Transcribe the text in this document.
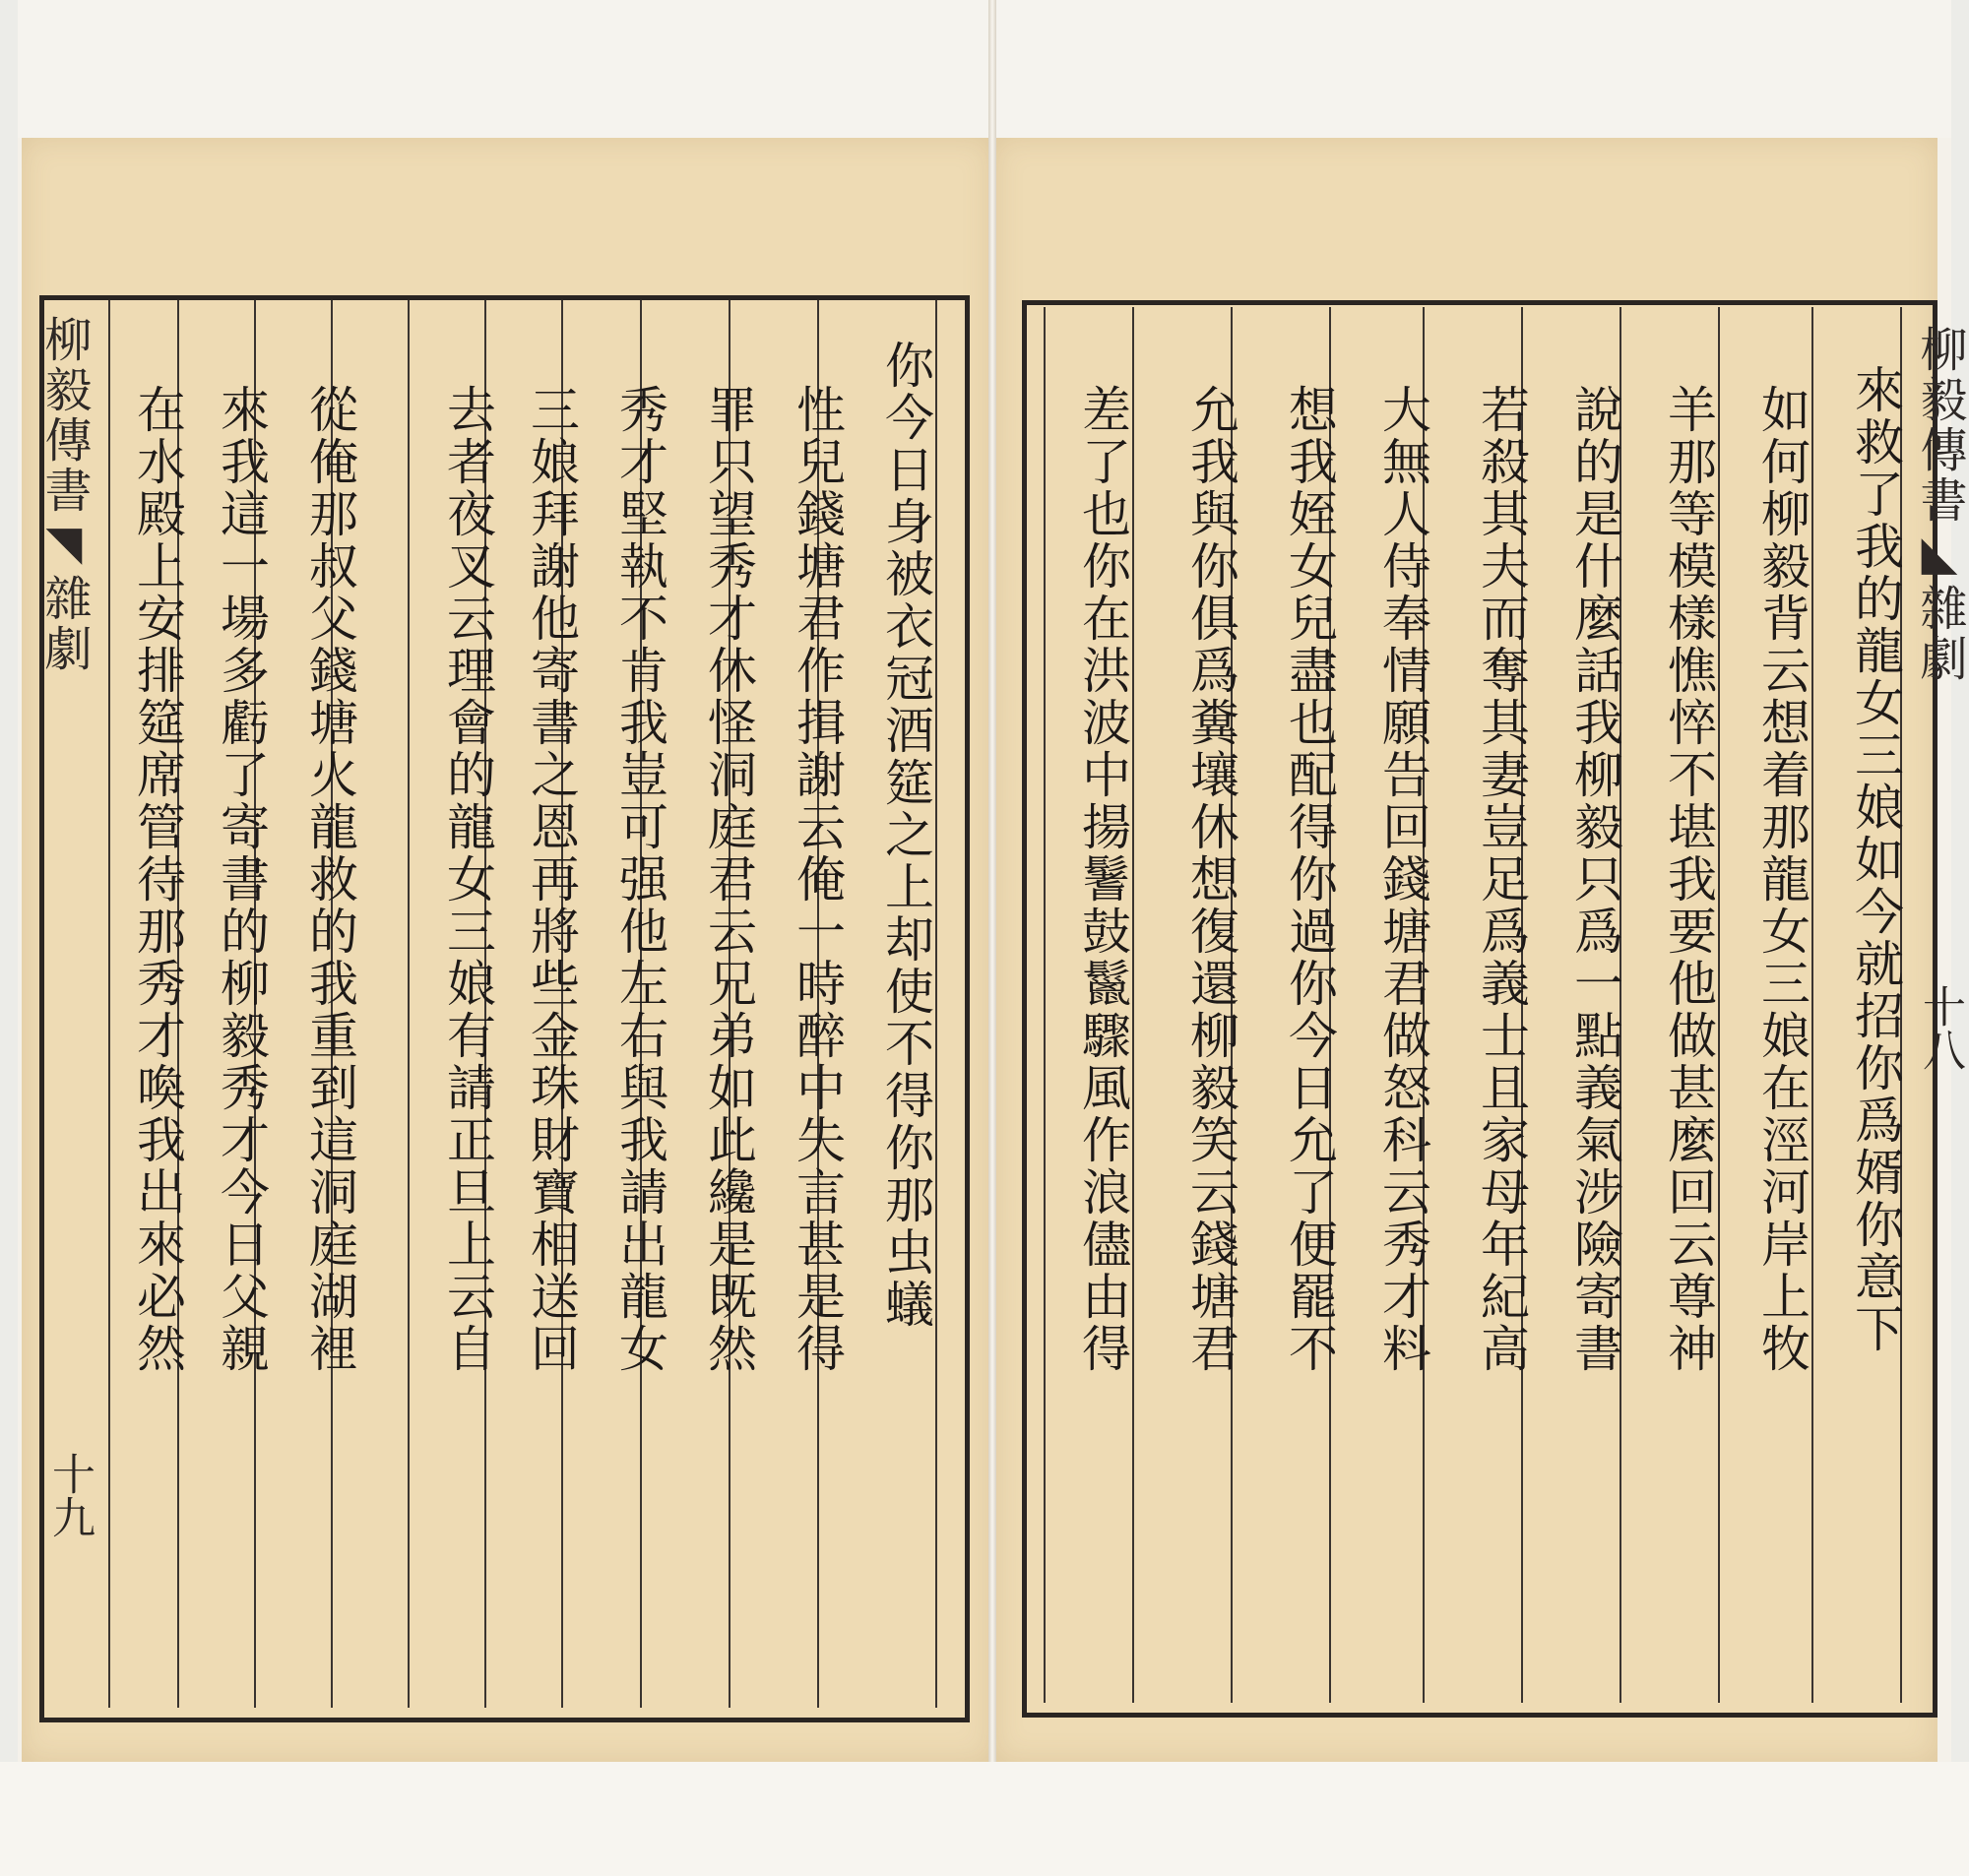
柳毅傳書◥雜劇
十九
你今日身被衣冠酒筵之上却使不得你那虫蟻
性兒錢塘君作揖謝云俺一時醉中失言甚是得
罪只望秀才休怪洞庭君云兄弟如此纔是既然
秀才堅執不肯我豈可强他左右與我請出龍女
三娘拜謝他寄書之恩再將些金珠財寶相送回
去者夜叉云理會的龍女三娘有請正旦上云自
從俺那叔父錢塘火龍救的我重到這洞庭湖裡
來我這一場多虧了寄書的柳毅秀才今日父親
在水殿上安排筵席管待那秀才喚我出來必然	柳毅傳書◣雜劇
十八
來救了我的龍女三娘如今就招你爲婿你意下
如何柳毅背云想着那龍女三娘在涇河岸上牧
羊那等模樣憔悴不堪我要他做甚麼回云尊神
說的是什麼話我柳毅只爲一點義氣涉險寄書
若殺其夫而奪其妻豈足爲義士且家母年紀高
大無人侍奉情願告回錢塘君做怒科云秀才料
想我姪女兒盡也配得你過你今日允了便罷不
允我與你俱爲糞壤休想復還柳毅笑云錢塘君
差了也你在洪波中揚鬐鼓鬣驟風作浪儘由得
